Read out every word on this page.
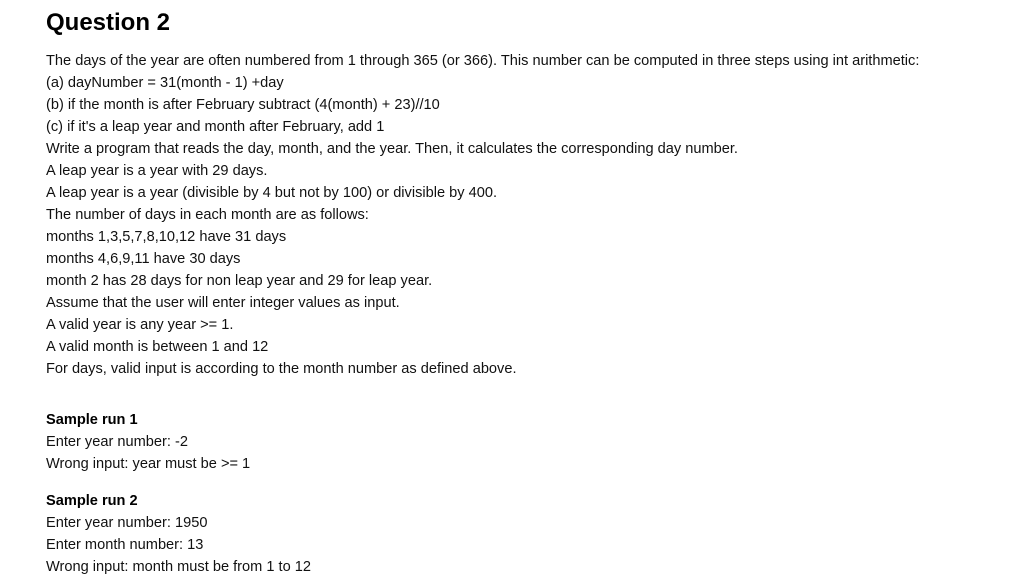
Question 2
The days of the year are often numbered from 1 through 365 (or 366). This number can be computed in three steps using int arithmetic:
(a) dayNumber = 31(month - 1) +day
(b) if the month is after February subtract (4(month) + 23)//10
(c) if it's a leap year and month after February, add 1
Write a program that reads the day, month, and the year. Then, it calculates the corresponding day number.
A leap year is a year with 29 days.
A leap year is a year (divisible by 4 but not by 100) or divisible by 400.
The number of days in each month are as follows:
months 1,3,5,7,8,10,12 have 31 days
months 4,6,9,11 have 30 days
month 2 has 28 days for non leap year and 29 for leap year.
Assume that the user will enter integer values as input.
A valid year is any year >= 1.
A valid month is between 1 and 12
For days, valid input is according to the month number as defined above.
Sample run 1
Enter year number: -2
Wrong input: year must be >= 1
Sample run 2
Enter year number: 1950
Enter month number: 13
Wrong input: month must be from 1 to 12
